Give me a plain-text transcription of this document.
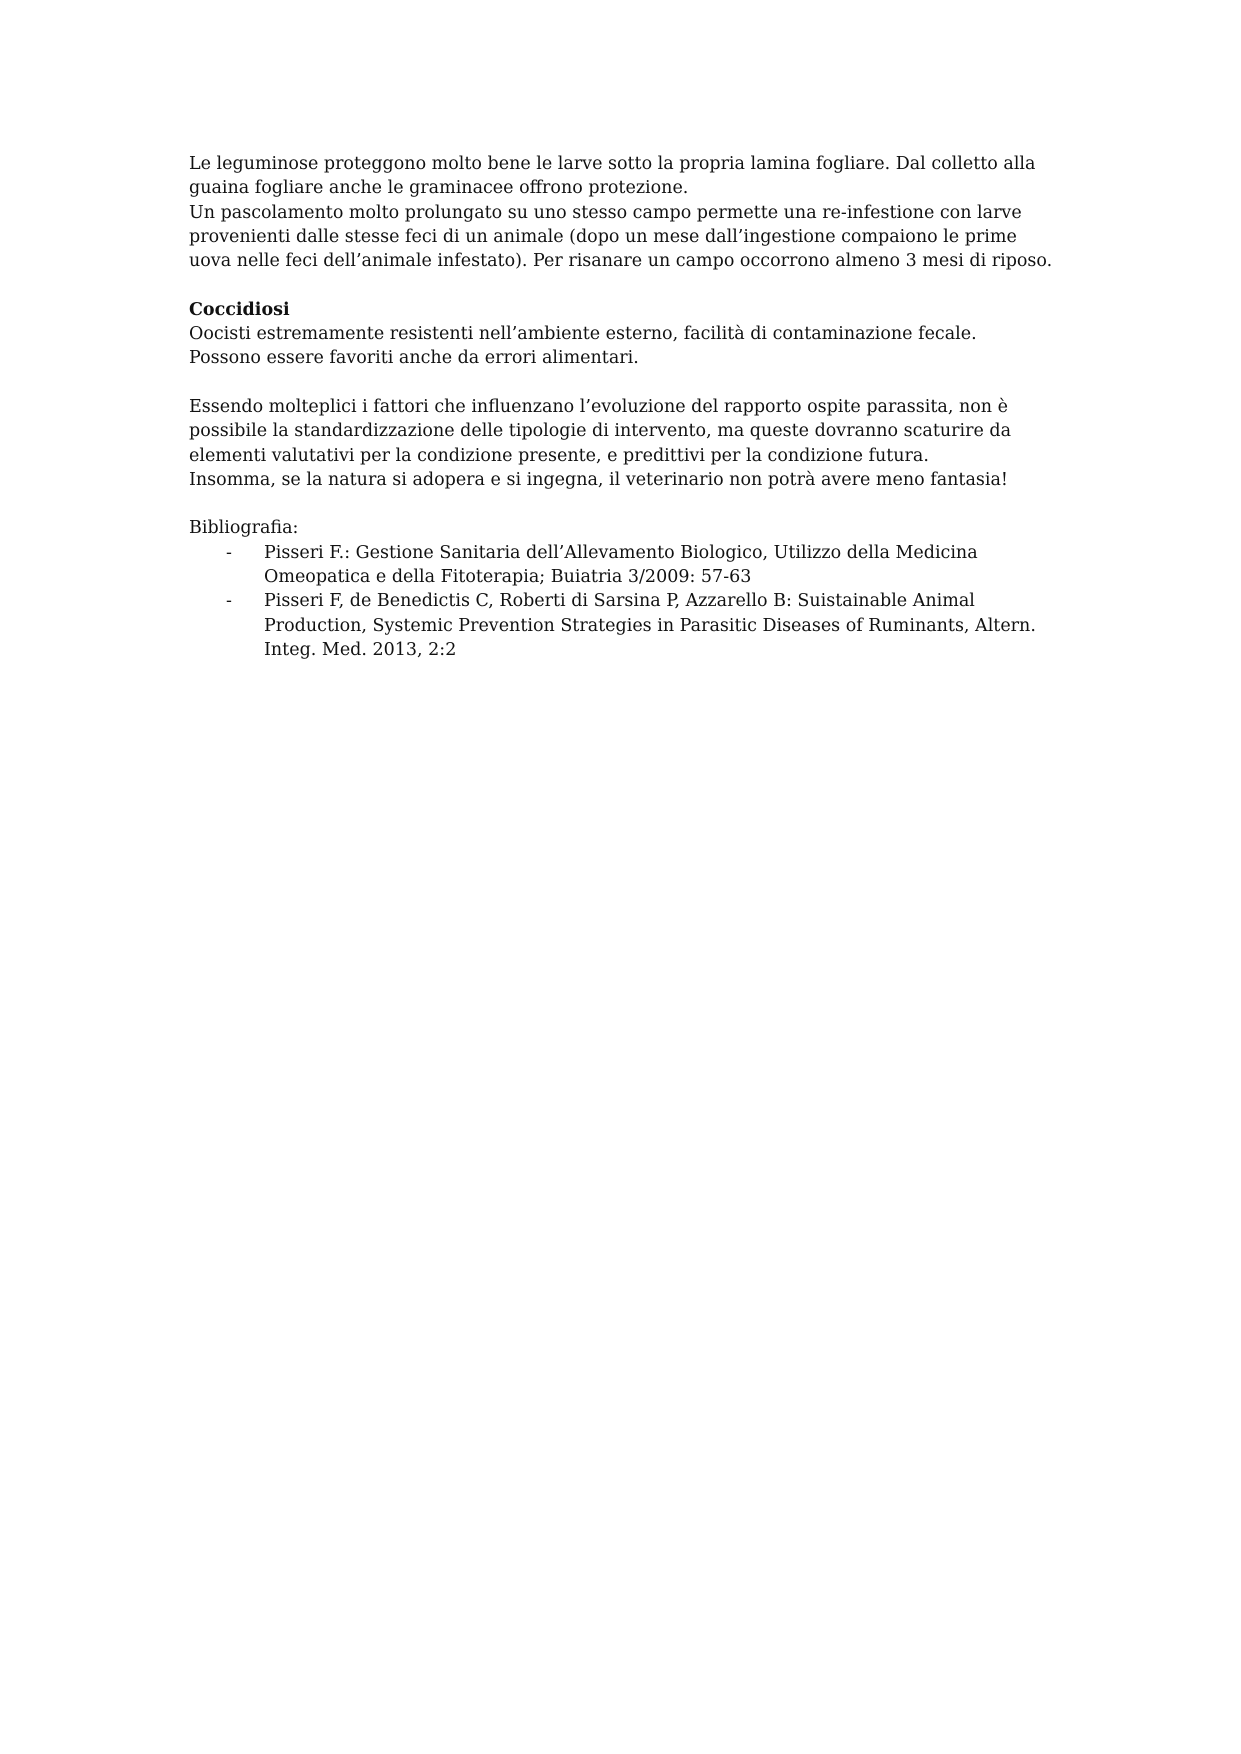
Le leguminose proteggono molto bene le larve sotto la propria lamina fogliare. Dal colletto alla
guaina fogliare anche le graminacee offrono protezione.
Un pascolamento molto prolungato su uno stesso campo permette una re-infestione con larve
provenienti dalle stesse feci di un animale (dopo un mese dall’ingestione compaiono le prime
uova nelle feci dell’animale infestato). Per risanare un campo occorrono almeno 3 mesi di riposo.

Coccidiosi
Oocisti estremamente resistenti nell’ambiente esterno, facilità di contaminazione fecale.
Possono essere favoriti anche da errori alimentari.

Essendo molteplici i fattori che influenzano l’evoluzione del rapporto ospite parassita, non è
possibile la standardizzazione delle tipologie di intervento, ma queste dovranno scaturire da
elementi valutativi per la condizione presente, e predittivi per la condizione futura.
Insomma, se la natura si adopera e si ingegna, il veterinario non potrà avere meno fantasia!

Bibliografia:
- Pisseri F.: Gestione Sanitaria dell’Allevamento Biologico, Utilizzo della Medicina
Omeopatica e della Fitoterapia; Buiatria 3/2009: 57-63
- Pisseri F, de Benedictis C, Roberti di Sarsina P, Azzarello B: Suistainable Animal
Production, Systemic Prevention Strategies in Parasitic Diseases of Ruminants, Altern.
Integ. Med. 2013, 2:2
